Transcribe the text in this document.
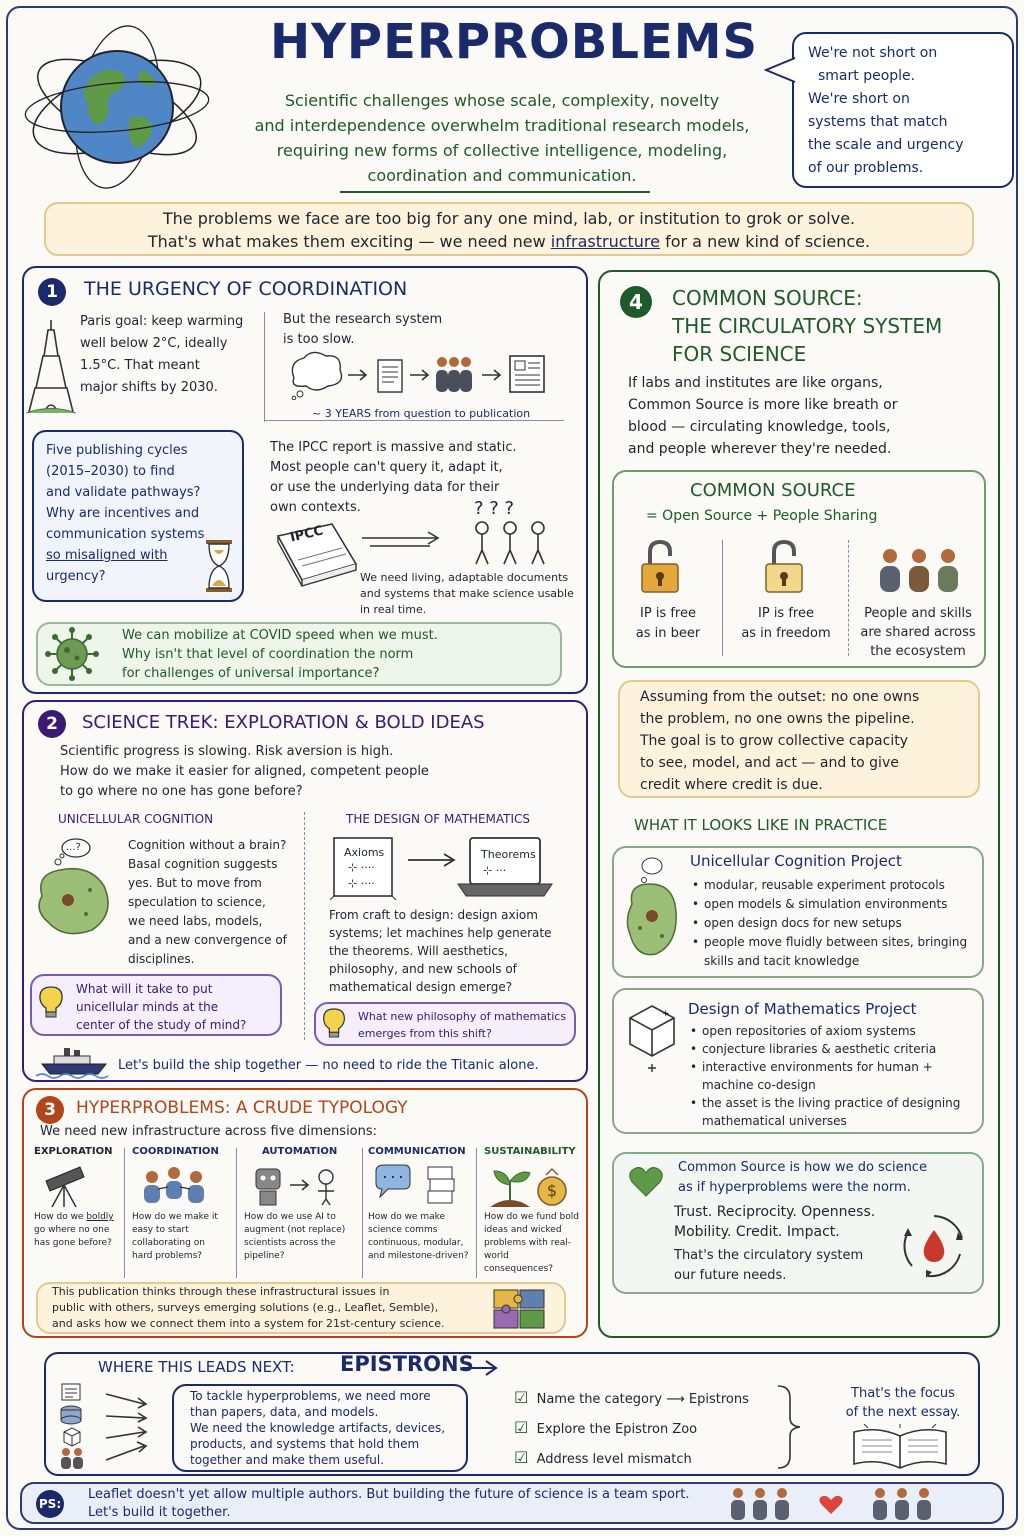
HYPERPROBLEMS
Scientific challenges whose scale, complexity, novelty
and interdependence overwhelm traditional research models,
requiring new forms of collective intelligence, modeling,
coordination and communication.
We're not short on
smart people.
We're short on
systems that match
the scale and urgency
of our problems.
The problems we face are too big for any one mind, lab, or institution to grok or solve.
That's what makes them exciting — we need new infrastructure for a new kind of science.
1	THE URGENCY OF COORDINATION
Paris goal: keep warming
well below 2°C, ideally
1.5°C. That meant
major shifts by 2030.
But the research system
is too slow.
~ 3 YEARS from question to publication
Five publishing cycles
(2015–2030) to find
and validate pathways?
Why are incentives and
communication systems
so misaligned with
urgency?
The IPCC report is massive and static.
Most people can't query it, adapt it,
or use the underlying data for their
own contexts.
IPCC
? ? ?
We need living, adaptable documents
and systems that make science usable
in real time.
We can mobilize at COVID speed when we must.
Why isn't that level of coordination the norm
for challenges of universal importance?
2	SCIENCE TREK: EXPLORATION & BOLD IDEAS
Scientific progress is slowing. Risk aversion is high.
How do we make it easier for aligned, competent people
to go where no one has gone before?
UNICELLULAR COGNITION
...?	Cognition without a brain?
Basal cognition suggests
yes. But to move from
speculation to science,
we need labs, models,
and a new convergence of
disciplines.
What will it take to put
unicellular minds at the
center of the study of mind?
THE DESIGN OF MATHEMATICS
Axioms
⊹ ····
⊹ ····
Theorems
⊹ ···
From craft to design: design axiom
systems; let machines help generate
the theorems. Will aesthetics,
philosophy, and new schools of
mathematical design emerge?
What new philosophy of mathematics
emerges from this shift?
Let's build the ship together — no need to ride the Titanic alone.
3	HYPERPROBLEMS: A CRUDE TYPOLOGY
We need new infrastructure across five dimensions:
EXPLORATION
How do we boldly go where no one has gone before?
COORDINATION
How do we make it easy to start collaborating on hard problems?
AUTOMATION
How do we use AI to augment (not replace) scientists across the pipeline?
COMMUNICATION
How do we make science comms continuous, modular, and milestone-driven?
SUSTAINABILITY
$
How do we fund bold ideas and wicked problems with real-world consequences?
This publication thinks through these infrastructural issues in
public with others, surveys emerging solutions (e.g., Leaflet, Semble),
and asks how we connect them into a system for 21st-century science.
4	COMMON SOURCE:
THE CIRCULATORY SYSTEM
FOR SCIENCE
If labs and institutes are like organs,
Common Source is more like breath or
blood — circulating knowledge, tools,
and people wherever they're needed.
COMMON SOURCE
= Open Source + People Sharing
IP is free
as in beer
IP is free
as in freedom
People and skills
are shared across
the ecosystem
Assuming from the outset: no one owns
the problem, no one owns the pipeline.
The goal is to grow collective capacity
to see, model, and act — and to give
credit where credit is due.
WHAT IT LOOKS LIKE IN PRACTICE
Unicellular Cognition Project
• modular, reusable experiment protocols
• open models & simulation environments
• open design docs for new setups
• people move fluidly between sites, bringing skills and tacit knowledge
+ Design of Mathematics Project
• open repositories of axiom systems
• conjecture libraries & aesthetic criteria
• interactive environments for human + machine co-design
• the asset is the living practice of designing mathematical universes
Common Source is how we do science
as if hyperproblems were the norm.
Trust. Reciprocity. Openness.
Mobility. Credit. Impact.
That's the circulatory system
our future needs.
WHERE THIS LEADS NEXT: EPISTRONS
To tackle hyperproblems, we need more
than papers, data, and models.
We need the knowledge artifacts, devices,
products, and systems that hold them
together and make them useful.
☑ Name the category ⟶ Epistrons
☑ Explore the Epistron Zoo
☑ Address level mismatch
That's the focus
of the next essay.
PS:
Leaflet doesn't yet allow multiple authors. But building the future of science is a team sport.
Let's build it together.
